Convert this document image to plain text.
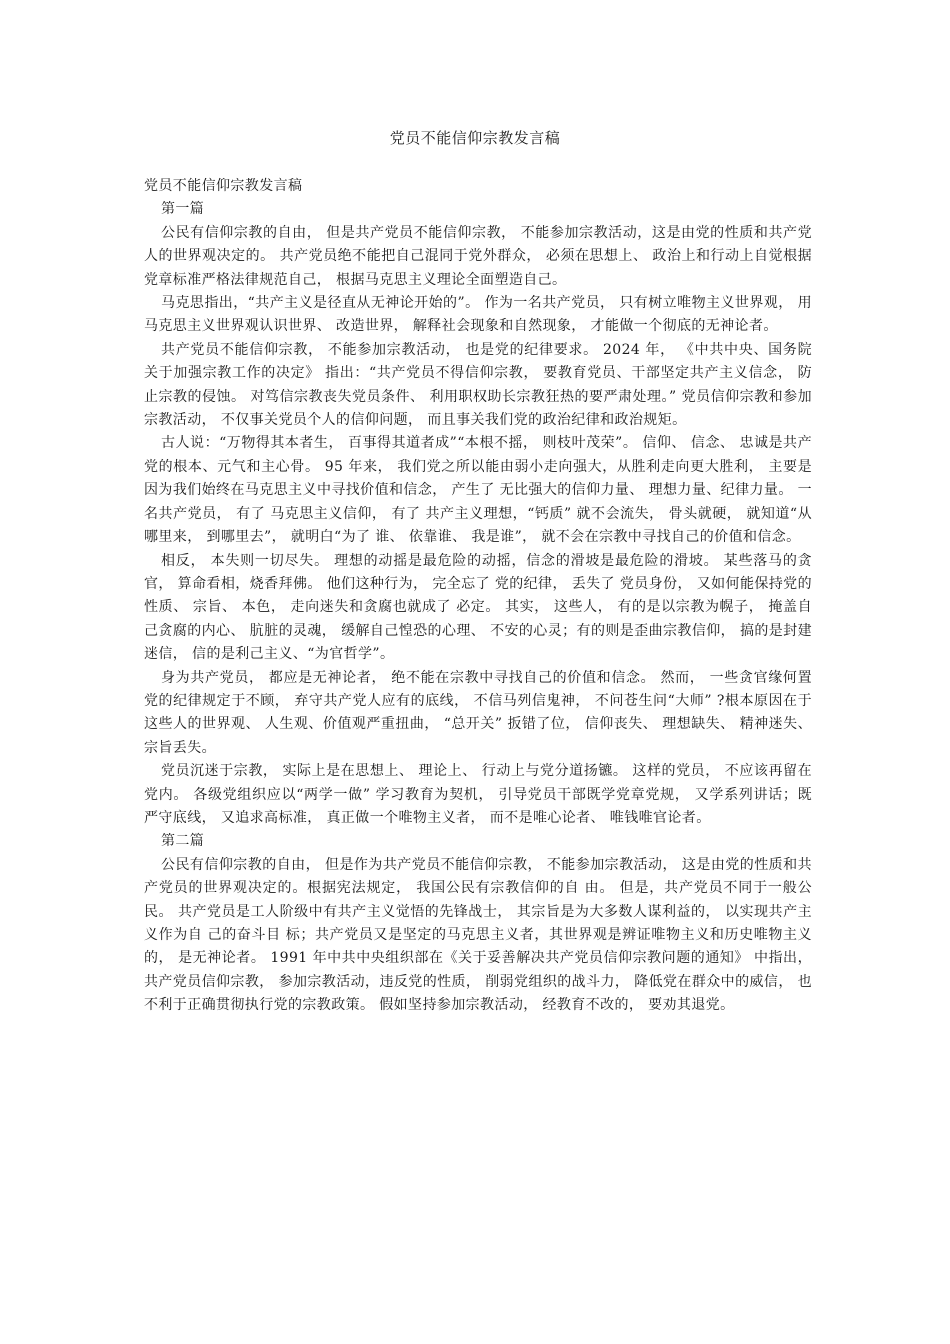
党员不能信仰宗教发言稿

党员不能信仰宗教发言稿

第一篇

公民有信仰宗教的自由， 但是共产党员不能信仰宗教， 不能参加宗教活动，这是由党的性质和共产党人的世界观决定的。 共产党员绝不能把自己混同于党外群众， 必须在思想上、 政治上和行动上自觉根据党章标准严格法律规范自己， 根据马克思主义理论全面塑造自己。

马克思指出，“共产主义是径直从无神论开始的”。 作为一名共产党员， 只有树立唯物主义世界观， 用马克思主义世界观认识世界、 改造世界， 解释社会现象和自然现象， 才能做一个彻底的无神论者。

共产党员不能信仰宗教， 不能参加宗教活动， 也是党的纪律要求。 2024 年， 《中共中央、国务院关于加强宗教工作的决定》 指出：“共产党员不得信仰宗教， 要教育党员、干部坚定共产主义信念， 防止宗教的侵蚀。 对笃信宗教丧失党员条件、 利用职权助长宗教狂热的要严肃处理。” 党员信仰宗教和参加宗教活动， 不仅事关党员个人的信仰问题， 而且事关我们党的政治纪律和政治规矩。

古人说：“万物得其本者生， 百事得其道者成”“本根不摇， 则枝叶茂荣”。 信仰、 信念、 忠诚是共产党的根本、元气和主心骨。 95 年来， 我们党之所以能由弱小走向强大，从胜利走向更大胜利， 主要是因为我们始终在马克思主义中寻找价值和信念， 产生了 无比强大的信仰力量、 理想力量、纪律力量。 一名共产党员， 有了 马克思主义信仰， 有了 共产主义理想，“钙质” 就不会流失， 骨头就硬， 就知道“从哪里来， 到哪里去”， 就明白“为了 谁、 依靠谁、 我是谁”， 就不会在宗教中寻找自己的价值和信念。

相反， 本失则一切尽失。 理想的动摇是最危险的动摇，信念的滑坡是最危险的滑坡。 某些落马的贪官， 算命看相，烧香拜佛。 他们这种行为， 完全忘了 党的纪律， 丢失了 党员身份， 又如何能保持党的性质、 宗旨、 本色， 走向迷失和贪腐也就成了 必定。 其实， 这些人， 有的是以宗教为幌子， 掩盖自己贪腐的内心、 肮脏的灵魂， 缓解自己惶恐的心理、 不安的心灵；有的则是歪曲宗教信仰， 搞的是封建迷信， 信的是利己主义、“为官哲学”。

身为共产党员， 都应是无神论者， 绝不能在宗教中寻找自己的价值和信念。 然而， 一些贪官缘何置党的纪律规定于不顾， 弃守共产党人应有的底线， 不信马列信鬼神， 不问苍生问“大师” ?根本原因在于这些人的世界观、 人生观、价值观严重扭曲， “总开关” 扳错了位， 信仰丧失、 理想缺失、 精神迷失、 宗旨丢失。

党员沉迷于宗教， 实际上是在思想上、 理论上、 行动上与党分道扬镳。 这样的党员， 不应该再留在党内。 各级党组织应以“两学一做” 学习教育为契机， 引导党员干部既学党章党规， 又学系列讲话；既严守底线， 又追求高标准， 真正做一个唯物主义者， 而不是唯心论者、 唯钱唯官论者。

第二篇

公民有信仰宗教的自由， 但是作为共产党员不能信仰宗教， 不能参加宗教活动， 这是由党的性质和共产党员的世界观决定的。根据宪法规定， 我国公民有宗教信仰的自 由。 但是，共产党员不同于一般公民。 共产党员是工人阶级中有共产主义觉悟的先锋战士， 其宗旨是为大多数人谋利益的， 以实现共产主义作为自 己的奋斗目 标；共产党员又是坚定的马克思主义者，其世界观是辨证唯物主义和历史唯物主义的， 是无神论者。 1991 年中共中央组织部在《关于妥善解决共产党员信仰宗教问题的通知》 中指出， 共产党员信仰宗教， 参加宗教活动，违反党的性质， 削弱党组织的战斗力， 降低党在群众中的威信， 也不利于正确贯彻执行党的宗教政策。 假如坚持参加宗教活动， 经教育不改的， 要劝其退党。
